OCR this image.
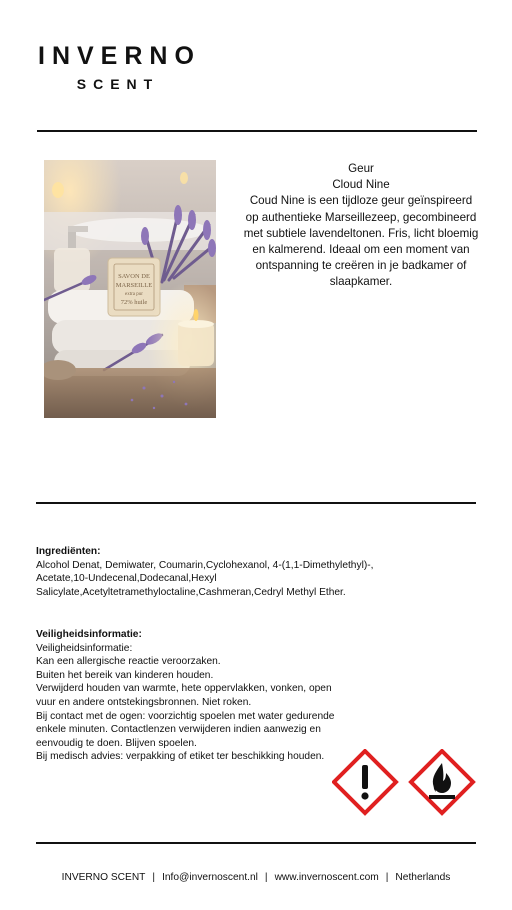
INVERNO
SCENT
Geur
Cloud Nine
Coud Nine is een tijdloze geur geïnspireerd op authentieke Marseillezeep, gecombineerd met subtiele lavendeltonen. Fris, licht bloemig en kalmerend. Ideaal om een moment van ontspanning te creëren in je badkamer of slaapkamer.
Ingrediënten:
Alcohol Denat, Demiwater, Coumarin,Cyclohexanol, 4-(1,1-Dimethylethyl)-,
Acetate,10-Undecenal,Dodecanal,Hexyl
Salicylate,Acetyltetramethyloctaline,Cashmeran,Cedryl Methyl Ether.
Veiligheidsinformatie:
Veiligheidsinformatie:
Kan een allergische reactie veroorzaken.
Buiten het bereik van kinderen houden.
Verwijderd houden van warmte, hete oppervlakken, vonken, open
vuur en andere ontstekingsbronnen. Niet roken.
Bij contact met de ogen: voorzichtig spoelen met water gedurende
enkele minuten. Contactlenzen verwijderen indien aanwezig en
eenvoudig te doen. Blijven spoelen.
Bij medisch advies: verpakking of etiket ter beschikking houden.
INVERNO SCENT | Info@invernoscent.nl | www.invernoscent.com | Netherlands
